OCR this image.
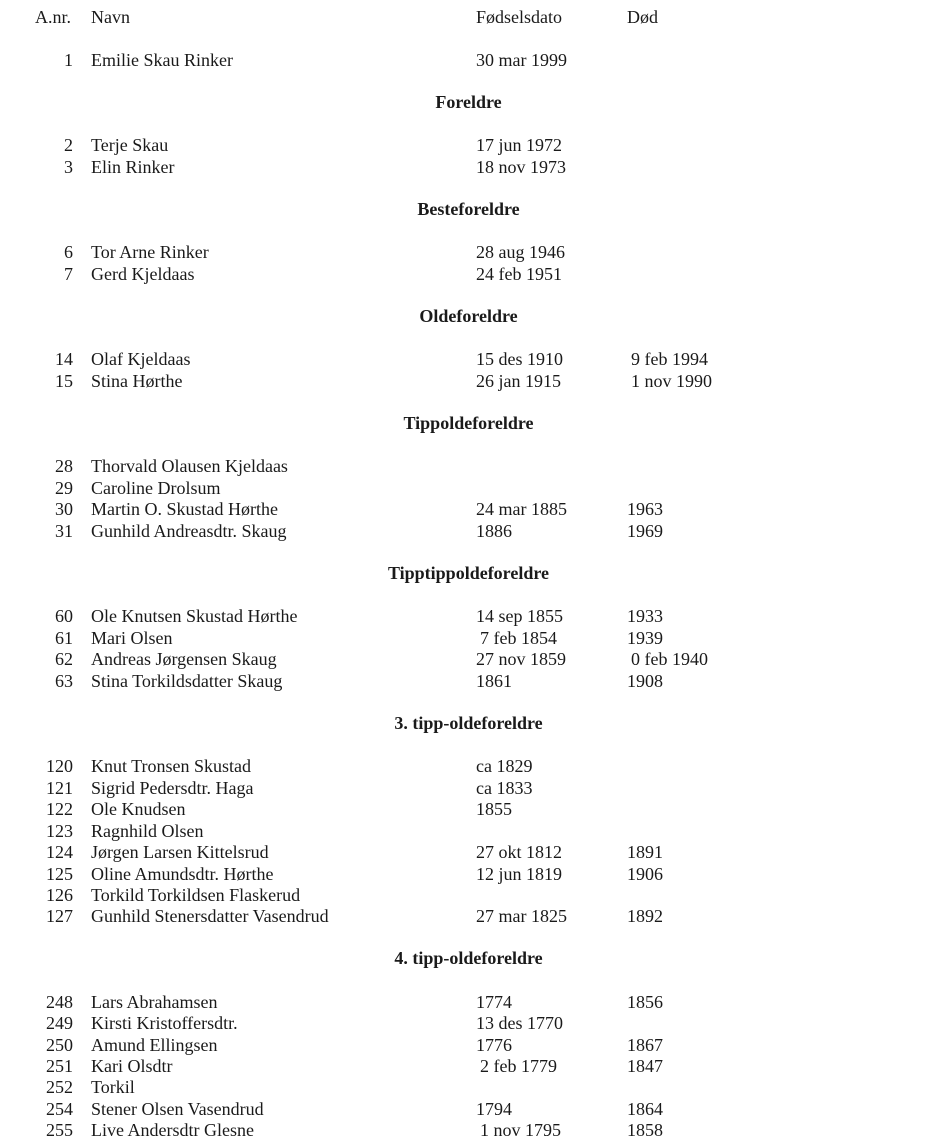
A.nr. Navn	Fødselsdato	Død
1 Emilie Skau Rinker	30 mar 1999
Foreldre
2 Terje Skau	17 jun 1972
3 Elin Rinker	18 nov 1973
Besteforeldre
6 Tor Arne Rinker	28 aug 1946
7 Gerd Kjeldaas	24 feb 1951
Oldeforeldre
14 Olaf Kjeldaas	15 des 1910	9 feb 1994
15 Stina Hørthe	26 jan 1915	1 nov 1990
Tippoldeforeldre
28 Thorvald Olausen Kjeldaas
29 Caroline Drolsum
30 Martin O. Skustad Hørthe	24 mar 1885	1963
31 Gunhild Andreasdtr. Skaug	1886	1969
Tipptippoldeforeldre
60 Ole Knutsen Skustad Hørthe	14 sep 1855	1933
61 Mari Olsen	7 feb 1854	1939
62 Andreas Jørgensen Skaug	27 nov 1859	0 feb 1940
63 Stina Torkildsdatter Skaug	1861	1908
3. tipp-oldeforeldre
120 Knut Tronsen Skustad	ca 1829
121 Sigrid Pedersdtr. Haga	ca 1833
122 Ole Knudsen	1855
123 Ragnhild Olsen
124 Jørgen Larsen Kittelsrud	27 okt 1812	1891
125 Oline Amundsdtr. Hørthe	12 jun 1819	1906
126 Torkild Torkildsen Flaskerud
127 Gunhild Stenersdatter Vasendrud	27 mar 1825	1892
4. tipp-oldeforeldre
248 Lars Abrahamsen	1774	1856
249 Kirsti Kristoffersdtr.	13 des 1770
250 Amund Ellingsen	1776	1867
251 Kari Olsdtr	2 feb 1779	1847
252 Torkil
254 Stener Olsen Vasendrud	1794	1864
255 Live Andersdtr Glesne	1 nov 1795	1858
